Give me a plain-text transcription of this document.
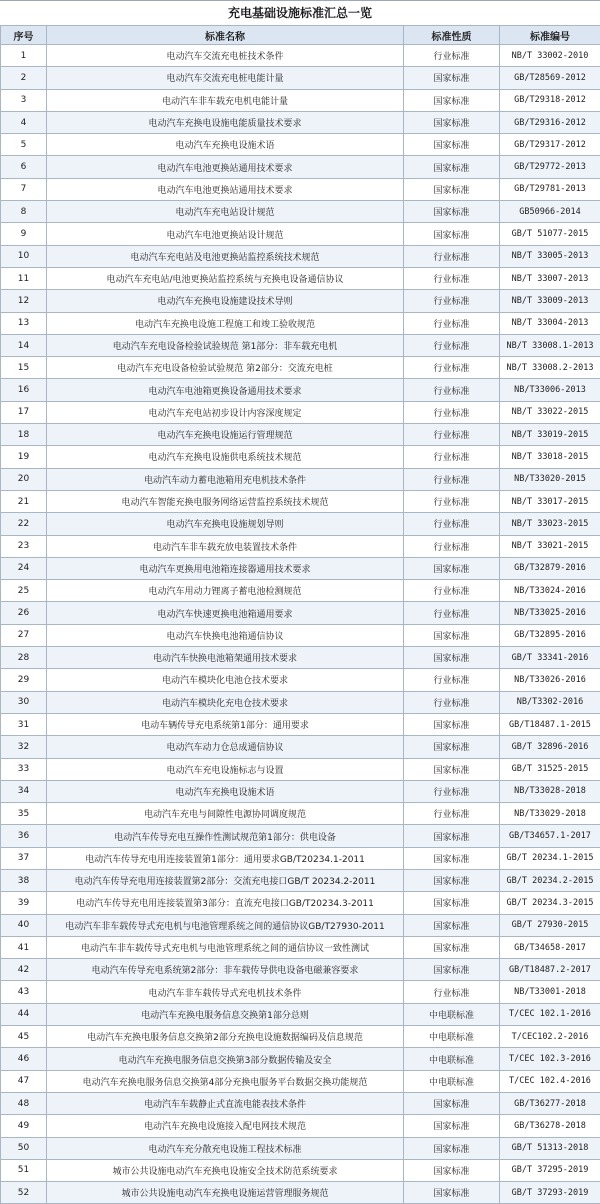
充电基础设施标准汇总一览
序号	标准名称	标准性质	标准编号
1	电动汽车交流充电桩技术条件	行业标准	NB/T 33002-2010
2	电动汽车交流充电桩电能计量	国家标准	GB/T28569-2012
3	电动汽车非车载充电机电能计量	国家标准	GB/T29318-2012
4	电动汽车充换电设施电能质量技术要求	国家标准	GB/T29316-2012
5	电动汽车充换电设施术语	国家标准	GB/T29317-2012
6	电动汽车电池更换站通用技术要求	国家标准	GB/T29772-2013
7	电动汽车电池更换站通用技术要求	国家标准	GB/T29781-2013
8	电动汽车充电站设计规范	国家标准	GB50966-2014
9	电动汽车电池更换站设计规范	国家标准	GB/T 51077-2015
10	电动汽车充电站及电池更换站监控系统技术规范	行业标准	NB/T 33005-2013
11	电动汽车充电站/电池更换站监控系统与充换电设备通信协议	行业标准	NB/T 33007-2013
12	电动汽车充换电设施建设技术导则	行业标准	NB/T 33009-2013
13	电动汽车充换电设施工程施工和竣工验收规范	行业标准	NB/T 33004-2013
14	电动汽车充电设备检验试验规范 第1部分：非车载充电机	行业标准	NB/T 33008.1-2013
15	电动汽车充电设备检验试验规范 第2部分：交流充电桩	行业标准	NB/T 33008.2-2013
16	电动汽车电池箱更换设备通用技术要求	行业标准	NB/T33006-2013
17	电动汽车充电站初步设计内容深度规定	行业标准	NB/T 33022-2015
18	电动汽车充换电设施运行管理规范	行业标准	NB/T 33019-2015
19	电动汽车充换电设施供电系统技术规范	行业标准	NB/T 33018-2015
20	电动汽车动力蓄电池箱用充电机技术条件	行业标准	NB/T33020-2015
21	电动汽车智能充换电服务网络运营监控系统技术规范	行业标准	NB/T 33017-2015
22	电动汽车充换电设施规划导则	行业标准	NB/T 33023-2015
23	电动汽车非车载充放电装置技术条件	行业标准	NB/T 33021-2015
24	电动汽车更换用电池箱连接器通用技术要求	国家标准	GB/T32879-2016
25	电动汽车用动力锂离子蓄电池检测规范	行业标准	NB/T33024-2016
26	电动汽车快速更换电池箱通用要求	行业标准	NB/T33025-2016
27	电动汽车快换电池箱通信协议	国家标准	GB/T32895-2016
28	电动汽车快换电池箱架通用技术要求	国家标准	GB/T 33341-2016
29	电动汽车模块化电池仓技术要求	行业标准	NB/T33026-2016
30	电动汽车模块化充电仓技术要求	行业标准	NB/T3302-2016
31	电动车辆传导充电系统第1部分：通用要求	国家标准	GB/T18487.1-2015
32	电动汽车动力仓总成通信协议	国家标准	GB/T 32896-2016
33	电动汽车充电设施标志与设置	国家标准	GB/T 31525-2015
34	电动汽车充换电设施术语	行业标准	NB/T33028-2018
35	电动汽车充电与间隙性电源协同调度规范	行业标准	NB/T33029-2018
36	电动汽车传导充电互操作性测试规范第1部分：供电设备	国家标准	GB/T34657.1-2017
37	电动汽车传导充电用连接装置第1部分：通用要求GB/T20234.1-2011	国家标准	GB/T 20234.1-2015
38	电动汽车传导充电用连接装置第2部分：交流充电接口GB/T 20234.2-2011	国家标准	GB/T 20234.2-2015
39	电动汽车传导充电用连接装置第3部分：直流充电接口GB/T20234.3-2011	国家标准	GB/T 20234.3-2015
40	电动汽车非车载传导式充电机与电池管理系统之间的通信协议GB/T27930-2011	国家标准	GB/T 27930-2015
41	电动汽车非车载传导式充电机与电池管理系统之间的通信协议一致性测试	国家标准	GB/T34658-2017
42	电动汽车传导充电系统第2部分：非车载传导供电设备电磁兼容要求	国家标准	GB/T18487.2-2017
43	电动汽车非车载传导式充电机技术条件	行业标准	NB/T33001-2018
44	电动汽车充换电服务信息交换第1部分总则	中电联标准	T/CEC 102.1-2016
45	电动汽车充换电服务信息交换第2部分充换电设施数据编码及信息规范	中电联标准	T/CEC102.2-2016
46	电动汽车充换电服务信息交换第3部分数据传输及安全	中电联标准	T/CEC 102.3-2016
47	电动汽车充换电服务信息交换第4部分充换电服务平台数据交换功能规范	中电联标准	T/CEC 102.4-2016
48	电动汽车车载静止式直流电能表技术条件	国家标准	GB/T36277-2018
49	电动汽车充换电设施接入配电网技术规范	国家标准	GB/T36278-2018
50	电动汽车充分散充电设施工程技术标准	国家标准	GB/T 51313-2018
51	城市公共设施电动汽车充换电设施安全技术防范系统要求	国家标准	GB/T 37295-2019
52	城市公共设施电动汽车充换电设施运营管理服务规范	国家标准	GB/T 37293-2019
